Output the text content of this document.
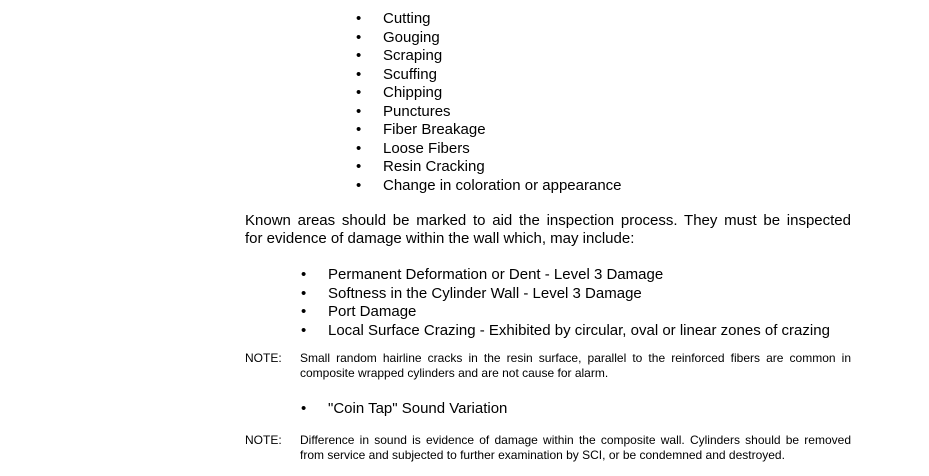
• Cutting
• Gouging
• Scraping
• Scuffing
• Chipping
• Punctures
• Fiber Breakage
• Loose Fibers
• Resin Cracking
• Change in coloration or appearance

Known areas should be marked to aid the inspection process. They must be inspected
for evidence of damage within the wall which, may include:

• Permanent Deformation or Dent - Level 3 Damage
• Softness in the Cylinder Wall - Level 3 Damage
• Port Damage
• Local Surface Crazing - Exhibited by circular, oval or linear zones of crazing
NOTE: Small random hairline cracks in the resin surface, parallel to the reinforced fibers are common in
composite wrapped cylinders and are not cause for alarm.
• "Coin Tap" Sound Variation
NOTE: Difference in sound is evidence of damage within the composite wall. Cylinders should be removed
from service and subjected to further examination by SCI, or be condemned and destroyed.
